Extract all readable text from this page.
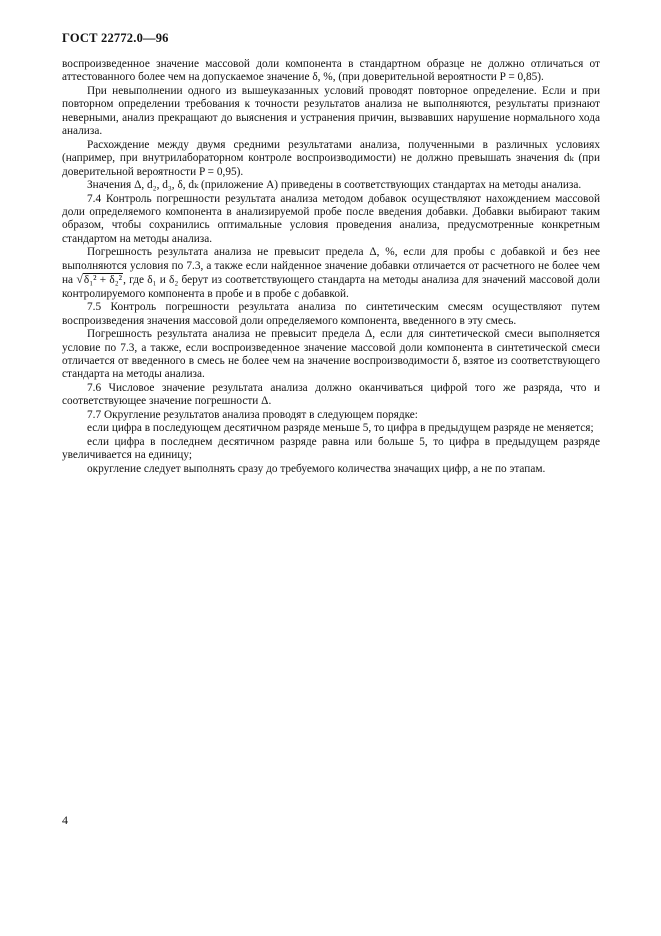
ГОСТ 22772.0—96

воспроизведенное значение массовой доли компонента в стандартном образце не должно отличаться от аттестованного более чем на допускаемое значение δ, %, (при доверительной вероятности P = 0,85).

При невыполнении одного из вышеуказанных условий проводят повторное определение. Если и при повторном определении требования к точности результатов анализа не выполняются, результаты признают неверными, анализ прекращают до выяснения и устранения причин, вызвавших нарушение нормального хода анализа.

Расхождение между двумя средними результатами анализа, полученными в различных условиях (например, при внутрилабораторном контроле воспроизводимости) не должно превышать значения dₖ (при доверительной вероятности P = 0,95).

Значения Δ, d₂, d₃, δ, dₖ (приложение А) приведены в соответствующих стандартах на методы анализа.

7.4 Контроль погрешности результата анализа методом добавок осуществляют нахождением массовой доли определяемого компонента в анализируемой пробе после введения добавки. Добавки выбирают таким образом, чтобы сохранились оптимальные условия проведения анализа, предусмотренные конкретным стандартом на методы анализа.

Погрешность результата анализа не превысит предела Δ, %, если для пробы с добавкой и без нее выполняются условия по 7.3, а также если найденное значение добавки отличается от расчетного не более чем на √δ₁² + δ₂², где δ₁ и δ₂ берут из соответствующего стандарта на методы анализа для значений массовой доли контролируемого компонента в пробе и в пробе с добавкой.

7.5 Контроль погрешности результата анализа по синтетическим смесям осуществляют путем воспроизведения значения массовой доли определяемого компонента, введенного в эту смесь.

Погрешность результата анализа не превысит предела Δ, если для синтетической смеси выполняется условие по 7.3, а также, если воспроизведенное значение массовой доли компонента в синтетической смеси отличается от введенного в смесь не более чем на значение воспроизводимости δ, взятое из соответствующего стандарта на методы анализа.

7.6 Числовое значение результата анализа должно оканчиваться цифрой того же разряда, что и соответствующее значение погрешности Δ.

7.7 Округление результатов анализа проводят в следующем порядке:

если цифра в последующем десятичном разряде меньше 5, то цифра в предыдущем разряде не меняется;

если цифра в последнем десятичном разряде равна или больше 5, то цифра в предыдущем разряде увеличивается на единицу;

округление следует выполнять сразу до требуемого количества значащих цифр, а не по этапам.

4
